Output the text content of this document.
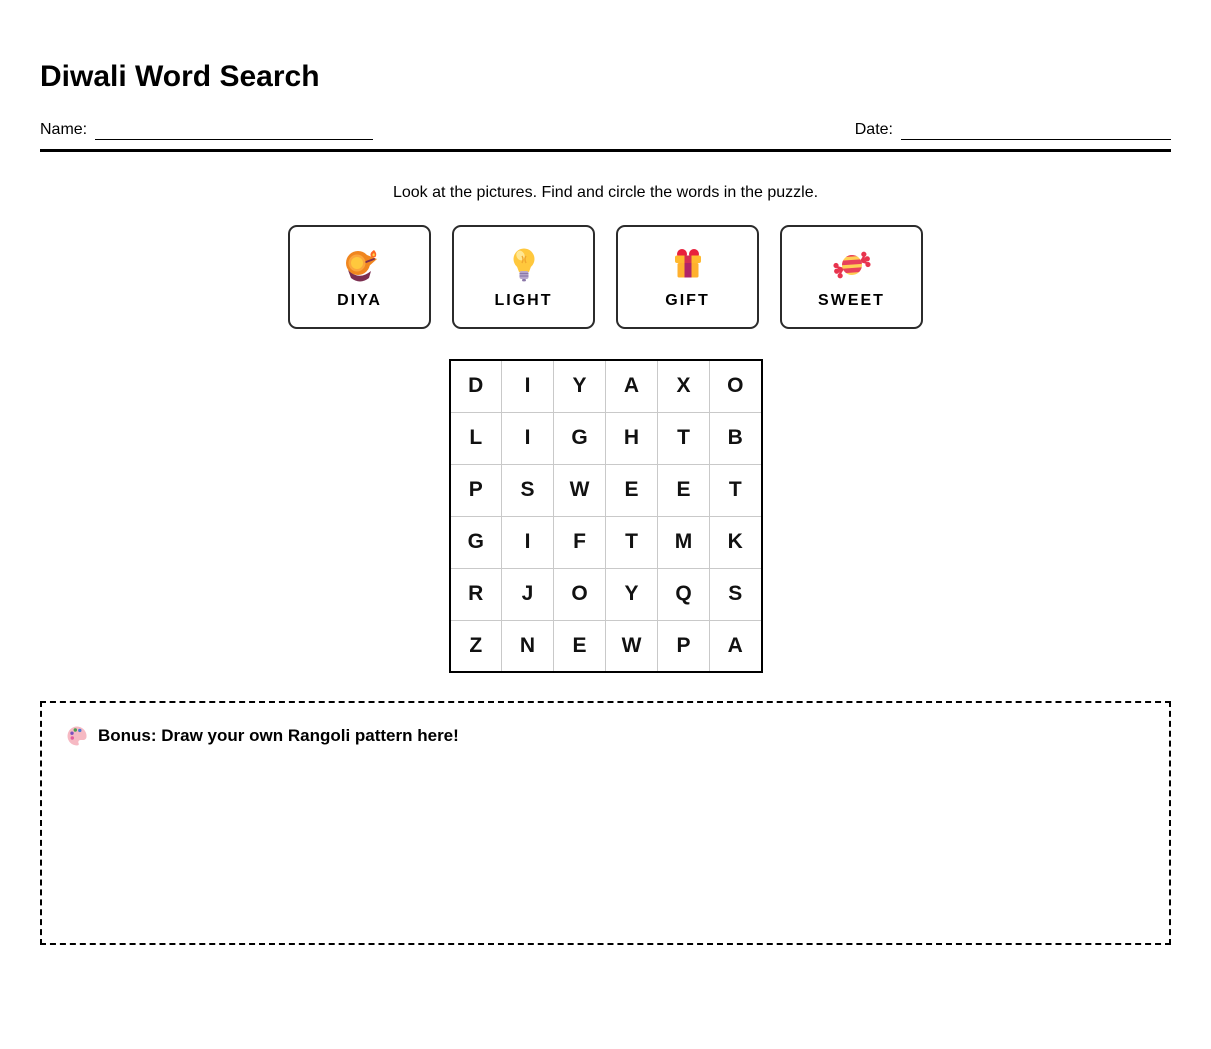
Diwali Word Search
Name:	Date:

Look at the pictures. Find and circle the words in the puzzle.

DIYA	LIGHT	GIFT	SWEET
D	I	Y	A	X	O
L	I	G	H	T	B
P	S	W	E	E	T
G	I	F	T	M	K
R	J	O	Y	Q	S
Z	N	E	W	P	A
Bonus: Draw your own Rangoli pattern here!
